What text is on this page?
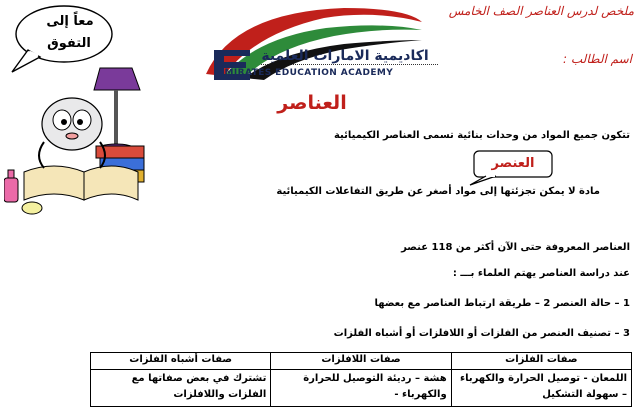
معاً إلى
التفوق
ملخص لدرس العناصر الصف الخامس
اسم الطالب :
اكاديمية الامارات العلمية
EMIRATES EDUCATION ACADEMY
العناصر
تتكون جميع المواد من وحدات بنائية تسمى العناصر الكيميائية
العنصر
مادة لا يمكن تجزئتها إلى مواد أصغر عن طريق التفاعلات الكيميائية
العناصر المعروفة حتى الآن أكثر من 118 عنصر
عند دراسة العناصر يهتم العلماء بـــ :
1 – حالة العنصر 2 – طريقة ارتباط العناصر مع بعضها
3 – تصنيف العنصر من الفلزات أو اللافلزات أو أشباه الفلزات
صفات الفلزات	صفات اللافلزات	صفات أشباه الفلزات
اللمعان - توصيل الحرارة والكهرباء – سهولة التشكيل	هشة – رديئة التوصيل للحرارة والكهرباء -	تشترك في بعض صفاتها مع الفلزات واللافلزات
